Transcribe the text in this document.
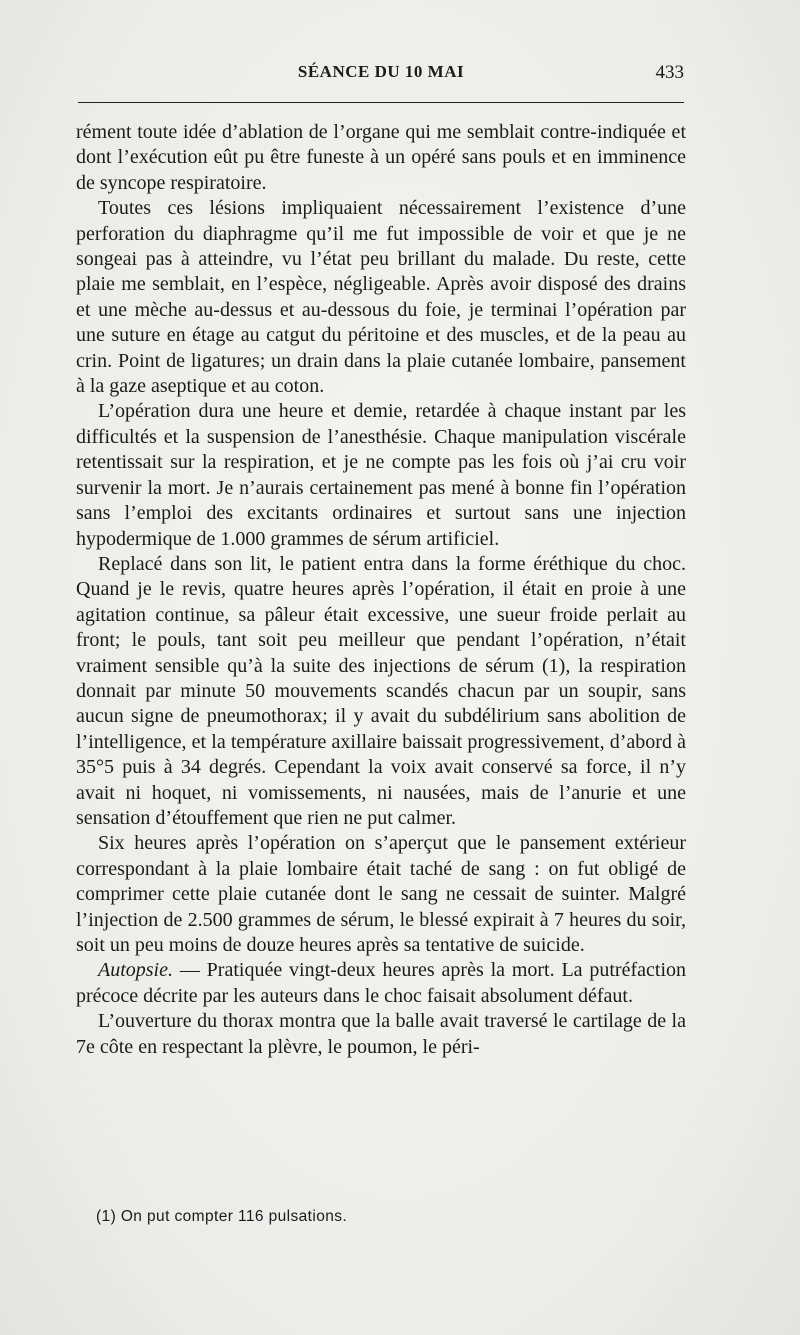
SÉANCE DU 10 MAI	433

rément toute idée d’ablation de l’organe qui me semblait contre-indiquée et dont l’exécution eût pu être funeste à un opéré sans pouls et en imminence de syncope respiratoire.

Toutes ces lésions impliquaient nécessairement l’existence d’une perforation du diaphragme qu’il me fut impossible de voir et que je ne songeai pas à atteindre, vu l’état peu brillant du malade. Du reste, cette plaie me semblait, en l’espèce, négligeable. Après avoir disposé des drains et une mèche au-dessus et au-dessous du foie, je terminai l’opération par une suture en étage au catgut du péritoine et des muscles, et de la peau au crin. Point de ligatures; un drain dans la plaie cutanée lombaire, pansement à la gaze aseptique et au coton.

L’opération dura une heure et demie, retardée à chaque instant par les difficultés et la suspension de l’anesthésie. Chaque manipulation viscérale retentissait sur la respiration, et je ne compte pas les fois où j’ai cru voir survenir la mort. Je n’aurais certainement pas mené à bonne fin l’opération sans l’emploi des excitants ordinaires et surtout sans une injection hypodermique de 1.000 grammes de sérum artificiel.

Replacé dans son lit, le patient entra dans la forme éréthique du choc. Quand je le revis, quatre heures après l’opération, il était en proie à une agitation continue, sa pâleur était excessive, une sueur froide perlait au front; le pouls, tant soit peu meilleur que pendant l’opération, n’était vraiment sensible qu’à la suite des injections de sérum (1), la respiration donnait par minute 50 mouvements scandés chacun par un soupir, sans aucun signe de pneumothorax; il y avait du subdélirium sans abolition de l’intelligence, et la température axillaire baissait progressivement, d’abord à 35°5 puis à 34 degrés. Cependant la voix avait conservé sa force, il n’y avait ni hoquet, ni vomissements, ni nausées, mais de l’anurie et une sensation d’étouffement que rien ne put calmer.

Six heures après l’opération on s’aperçut que le pansement extérieur correspondant à la plaie lombaire était taché de sang : on fut obligé de comprimer cette plaie cutanée dont le sang ne cessait de suinter. Malgré l’injection de 2.500 grammes de sérum, le blessé expirait à 7 heures du soir, soit un peu moins de douze heures après sa tentative de suicide.

Autopsie. — Pratiquée vingt-deux heures après la mort. La putréfaction précoce décrite par les auteurs dans le choc faisait absolument défaut.

L’ouverture du thorax montra que la balle avait traversé le cartilage de la 7e côte en respectant la plèvre, le poumon, le péri-

(1) On put compter 116 pulsations.
